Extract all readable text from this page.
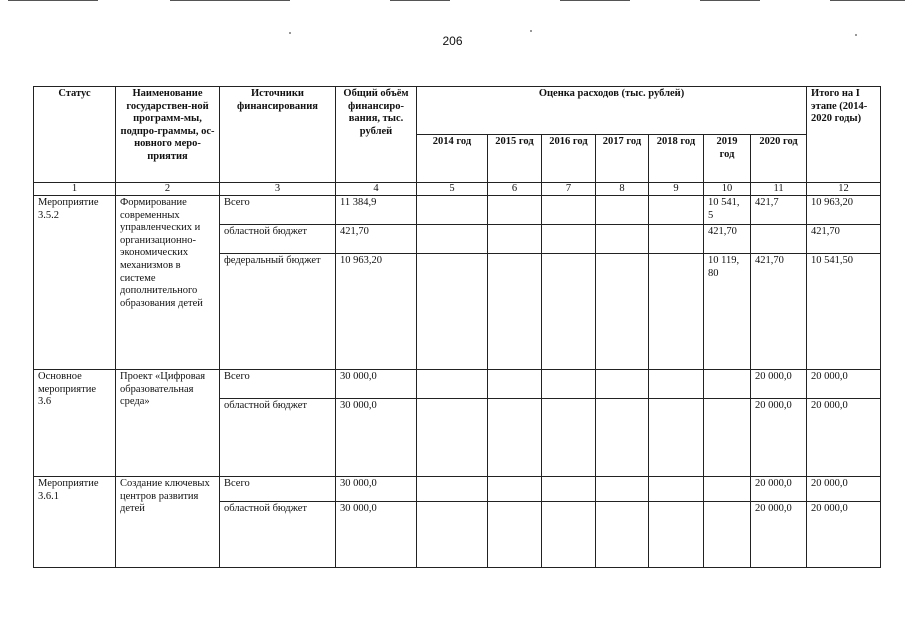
206
Статус	Наименование государствен-ной программ-мы, подпро-граммы, ос-новного меро-приятия	Источники финансирования	Общий объём финансиро-вания, тыс. рублей	Оценка расходов (тыс. рублей)							Итого на I этапе (2014-2020 годы)
				2014 год	2015 год	2016 год	2017 год	2018 год	2019 год	2020 год	
1	2	3	4	5	6	7	8	9	10	11	12
Мероприятие 3.5.2	Формирование современных управленческих и организационно-экономических механизмов в системе дополнительного образования детей	Всего	11 384,9						10 541, 5	421,7	10 963,20
		областной бюджет	421,70						421,70		421,70
		федеральный бюджет	10 963,20						10 119, 80	421,70	10 541,50
Основное мероприятие 3.6	Проект «Цифровая образовательная среда»	Всего	30 000,0							20 000,0	20 000,0
		областной бюджет	30 000,0							20 000,0	20 000,0
Мероприятие 3.6.1	Создание ключевых центров развития детей	Всего	30 000,0							20 000,0	20 000,0
		областной бюджет	30 000,0							20 000,0	20 000,0
